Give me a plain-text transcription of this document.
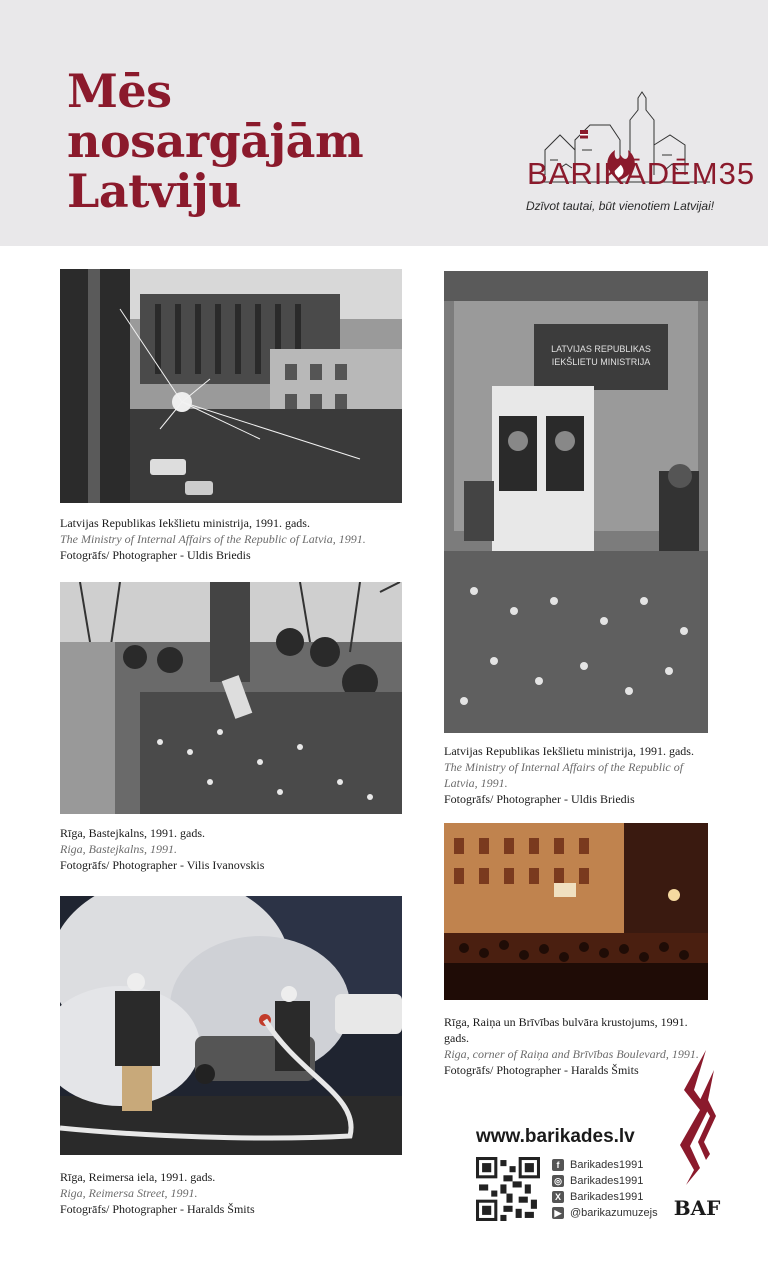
Mēs
nosargājām
Latviju	BARIKĀDĒM35
Dzīvot tautai, būt vienotiem Latvijai!
Latvijas Republikas Iekšlietu ministrija, 1991. gads.
The Ministry of Internal Affairs of the Republic of Latvia, 1991.
Fotogrāfs/ Photographer - Uldis Briedis
Rīga, Bastejkalns, 1991. gads.
Riga, Bastejkalns, 1991.
Fotogrāfs/ Photographer - Vilis Ivanovskis
Rīga, Reimersa iela, 1991. gads.
Riga, Reimersa Street, 1991.
Fotogrāfs/ Photographer - Haralds Šmits
LATVIJAS REPUBLIKAS
IEKŠLIETU MINISTRIJA
Latvijas Republikas Iekšlietu ministrija, 1991. gads.
The Ministry of Internal Affairs of the Republic of Latvia, 1991.
Fotogrāfs/ Photographer - Uldis Briedis
Rīga, Raiņa un Brīvības bulvāra krustojums, 1991. gads.
Riga, corner of Raiņa and Brīvības Boulevard, 1991.
Fotogrāfs/ Photographer - Haralds Šmits
www.barikades.lv
f Barikades1991
◎ Barikades1991
X Barikades1991
▶ @barikazumuzejs BAF
